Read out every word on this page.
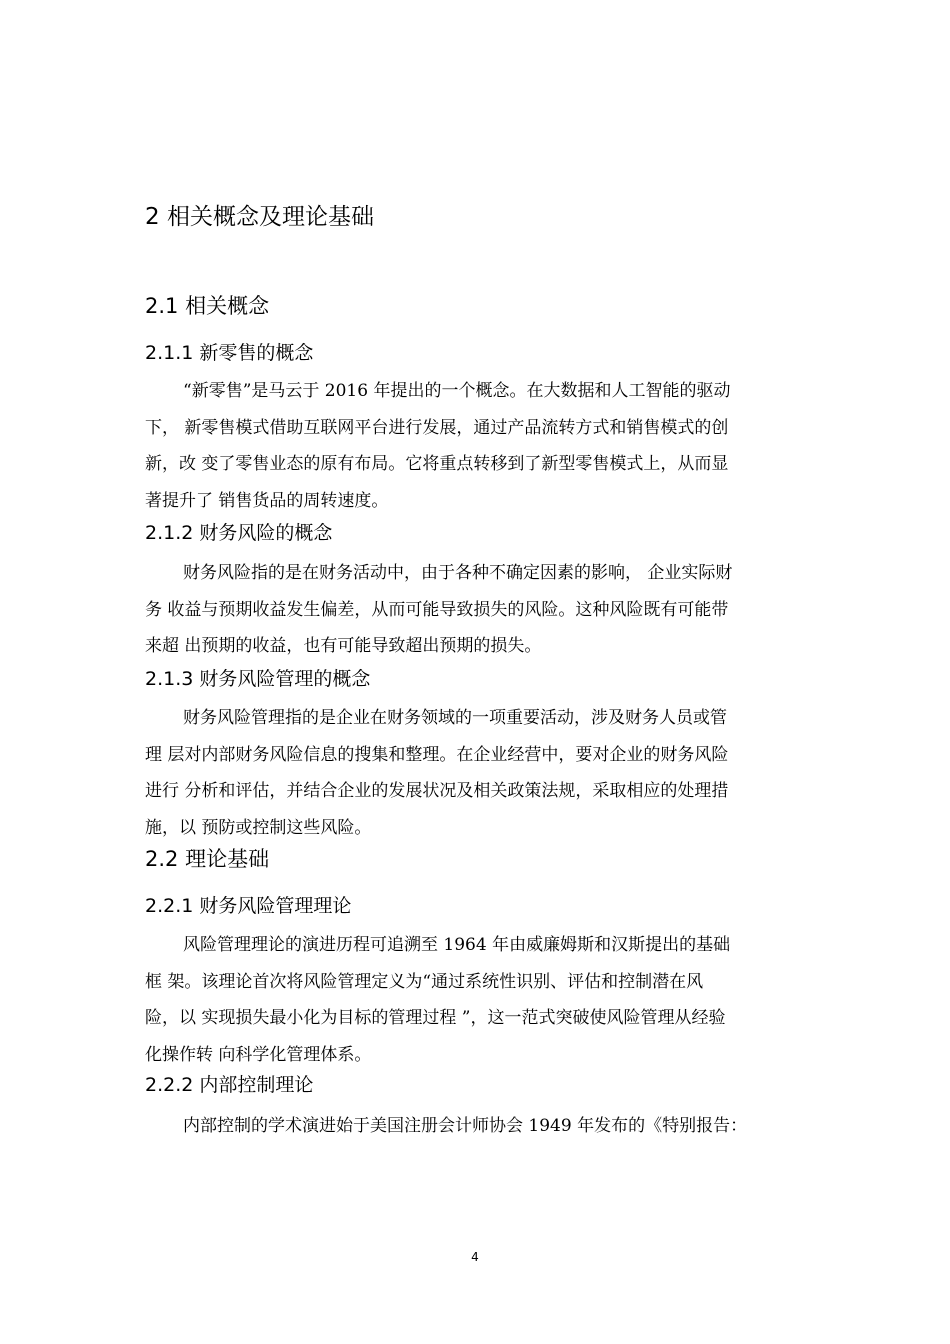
2 相关概念及理论基础
2.1 相关概念
2.1.1 新零售的概念
“新零售”是马云于 2016 年提出的一个概念。在大数据和人工智能的驱动
下， 新零售模式借助互联网平台进行发展，通过产品流转方式和销售模式的创
新，改 变了零售业态的原有布局。它将重点转移到了新型零售模式上，从而显
著提升了 销售货品的周转速度。
2.1.2 财务风险的概念
财务风险指的是在财务活动中，由于各种不确定因素的影响， 企业实际财
务 收益与预期收益发生偏差，从而可能导致损失的风险。这种风险既有可能带
来超 出预期的收益，也有可能导致超出预期的损失。
2.1.3 财务风险管理的概念
财务风险管理指的是企业在财务领域的一项重要活动，涉及财务人员或管
理 层对内部财务风险信息的搜集和整理。在企业经营中，要对企业的财务风险
进行 分析和评估，并结合企业的发展状况及相关政策法规，采取相应的处理措
施，以 预防或控制这些风险。
2.2 理论基础
2.2.1 财务风险管理理论
风险管理理论的演进历程可追溯至 1964 年由威廉姆斯和汉斯提出的基础
框 架。该理论首次将风险管理定义为“通过系统性识别、评估和控制潜在风
险，以 实现损失最小化为目标的管理过程 ”，这一范式突破使风险管理从经验
化操作转 向科学化管理体系。
2.2.2 内部控制理论
内部控制的学术演进始于美国注册会计师协会 1949 年发布的《特别报告：
4
